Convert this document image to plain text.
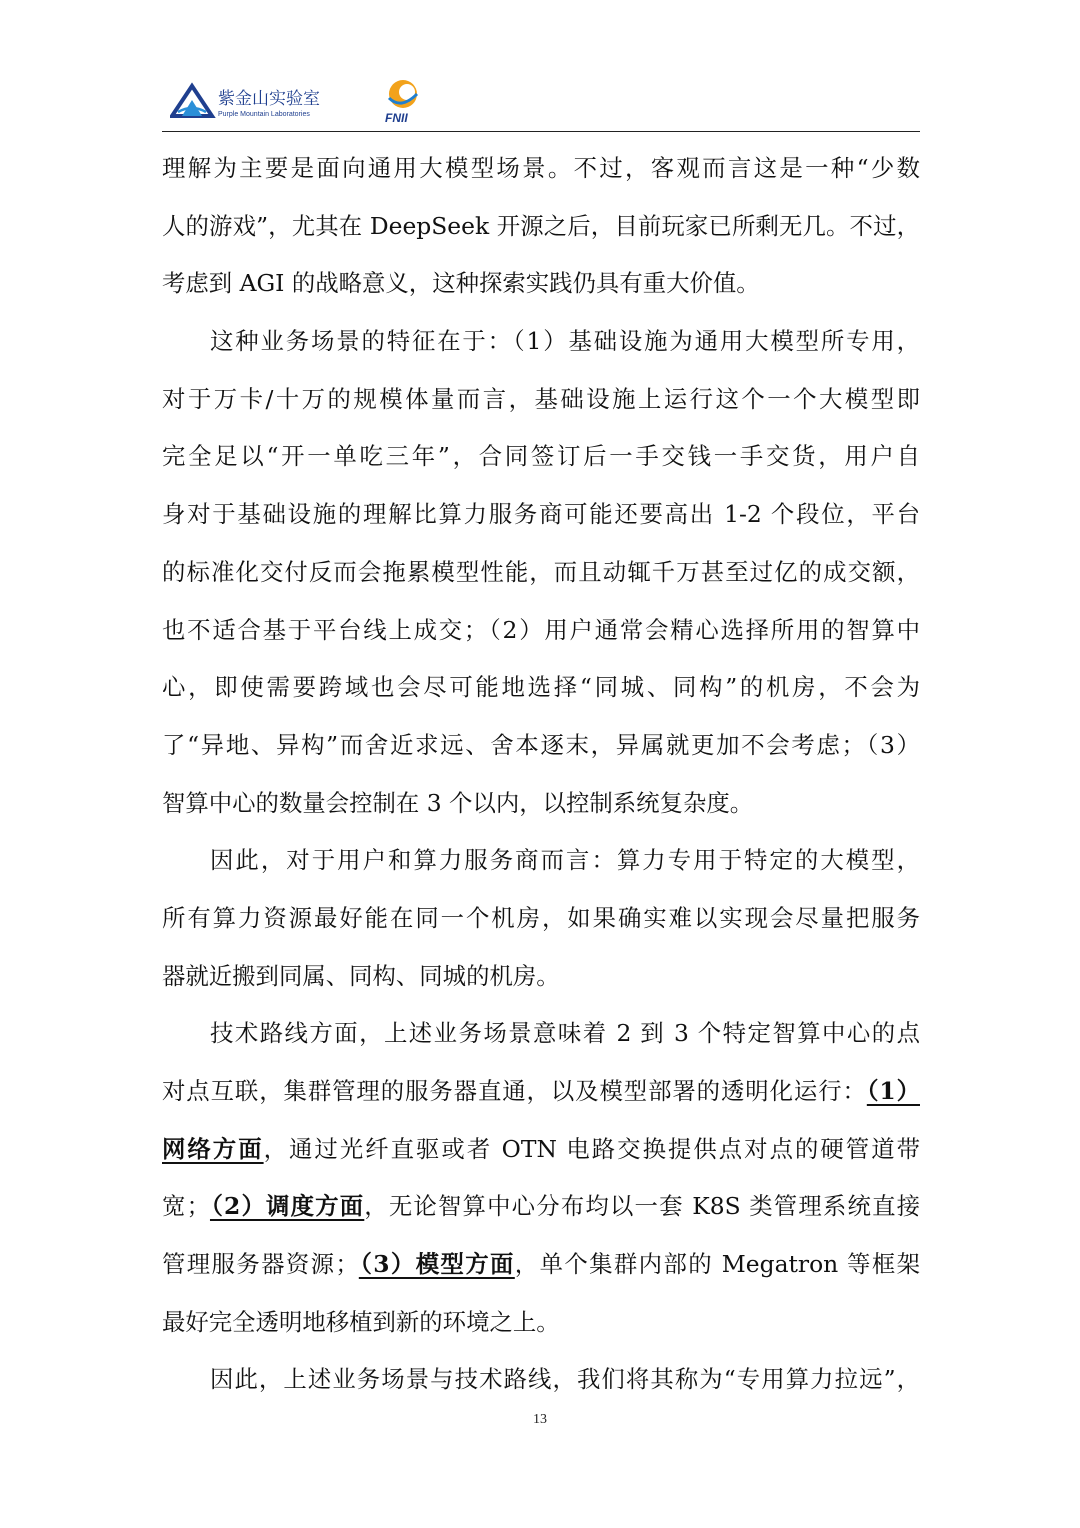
紫金山实验室
Purple Mountain Laboratories	FNII
理解为主要是面向通用大模型场景。不过，客观而言这是一种“少数
人的游戏”，尤其在 DeepSeek 开源之后，目前玩家已所剩无几。不过，
考虑到 AGI 的战略意义，这种探索实践仍具有重大价值。
这种业务场景的特征在于：（1）基础设施为通用大模型所专用，
对于万卡/十万的规模体量而言，基础设施上运行这个一个大模型即
完全足以“开一单吃三年”，合同签订后一手交钱一手交货，用户自
身对于基础设施的理解比算力服务商可能还要高出 1-2 个段位，平台
的标准化交付反而会拖累模型性能，而且动辄千万甚至过亿的成交额，
也不适合基于平台线上成交；（2）用户通常会精心选择所用的智算中
心，即使需要跨域也会尽可能地选择“同城、同构”的机房，不会为
了“异地、异构”而舍近求远、舍本逐末，异属就更加不会考虑；（3）
智算中心的数量会控制在 3 个以内，以控制系统复杂度。
因此，对于用户和算力服务商而言：算力专用于特定的大模型，
所有算力资源最好能在同一个机房，如果确实难以实现会尽量把服务
器就近搬到同属、同构、同城的机房。
技术路线方面，上述业务场景意味着 2 到 3 个特定智算中心的点
对点互联，集群管理的服务器直通，以及模型部署的透明化运行：（1）
网络方面，通过光纤直驱或者 OTN 电路交换提供点对点的硬管道带
宽；（2）调度方面，无论智算中心分布均以一套 K8S 类管理系统直接
管理服务器资源；（3）模型方面，单个集群内部的 Megatron 等框架
最好完全透明地移植到新的环境之上。
因此，上述业务场景与技术路线，我们将其称为“专用算力拉远”，
13
